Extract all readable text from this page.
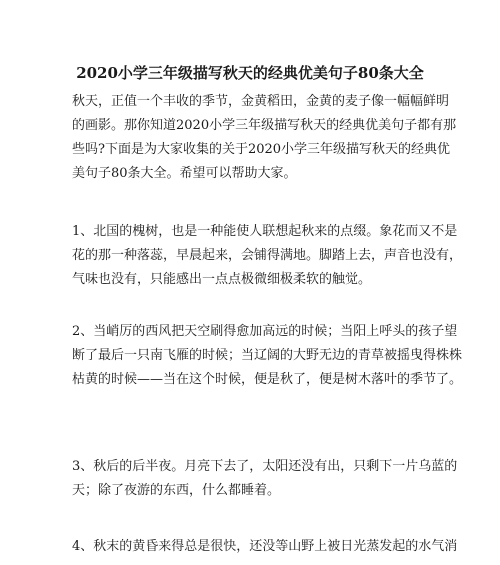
2020小学三年级描写秋天的经典优美句子80条大全
秋天，正值一个丰收的季节，金黄稻田，金黄的麦子像一幅幅鲜明
的画影。那你知道2020小学三年级描写秋天的经典优美句子都有那
些吗?下面是为大家收集的关于2020小学三年级描写秋天的经典优
美句子80条大全。希望可以帮助大家。
1、北国的槐树，也是一种能使人联想起秋来的点缀。象花而又不是
花的那一种落蕊，早晨起来，会铺得满地。脚踏上去，声音也没有，
气味也没有，只能感出一点点极微细极柔软的触觉。
2、当峭厉的西风把天空刷得愈加高远的时候；当阳上呼头的孩子望
断了最后一只南飞雁的时候；当辽阔的大野无边的青草被摇曳得株株
枯黄的时候——当在这个时候，便是秋了，便是树木落叶的季节了。
3、秋后的后半夜。月亮下去了，太阳还没有出，只剩下一片乌蓝的
天；除了夜游的东西，什么都睡着。
4、秋末的黄昏来得总是很快，还没等山野上被日光蒸发起的水气消
